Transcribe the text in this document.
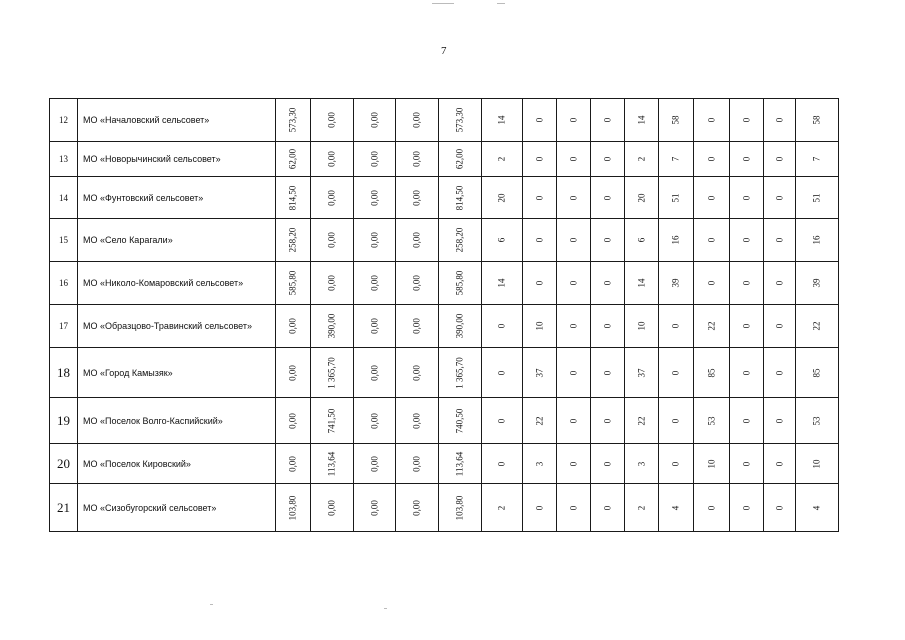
7
12	МО «Началовский сельсовет»	573,30	0,00	0,00	0,00	573,30	14	0	0	0	14	58	0	0	0	58

13	МО «Новорычинский сельсовет»	62,00	0,00	0,00	0,00	62,00	2	0	0	0	2	7	0	0	0	7

14	МО «Фунтовский сельсовет»	814,50	0,00	0,00	0,00	814,50	20	0	0	0	20	51	0	0	0	51

15	МО «Село Карагали»	258,20	0,00	0,00	0,00	258,20	6	0	0	0	6	16	0	0	0	16

16	МО «Николо-Комаровский сельсовет»	585,80	0,00	0,00	0,00	585,80	14	0	0	0	14	39	0	0	0	39

17	МО «Образцово-Травинский сельсовет»	0,00	390,00	0,00	0,00	390,00	0	10	0	0	10	0	22	0	0	22

18	МО «Город Камызяк»	0,00	1 365,70	0,00	0,00	1 365,70	0	37	0	0	37	0	85	0	0	85

19	МО «Поселок Волго-Каспийский»	0,00	741,50	0,00	0,00	740,50	0	22	0	0	22	0	53	0	0	53

20	МО «Поселок Кировский»	0,00	113,64	0,00	0,00	113,64	0	3	0	0	3	0	10	0	0	10

21	МО «Сизобугорский сельсовет»	103,80	0,00	0,00	0,00	103,80	2	0	0	0	2	4	0	0	0	4
